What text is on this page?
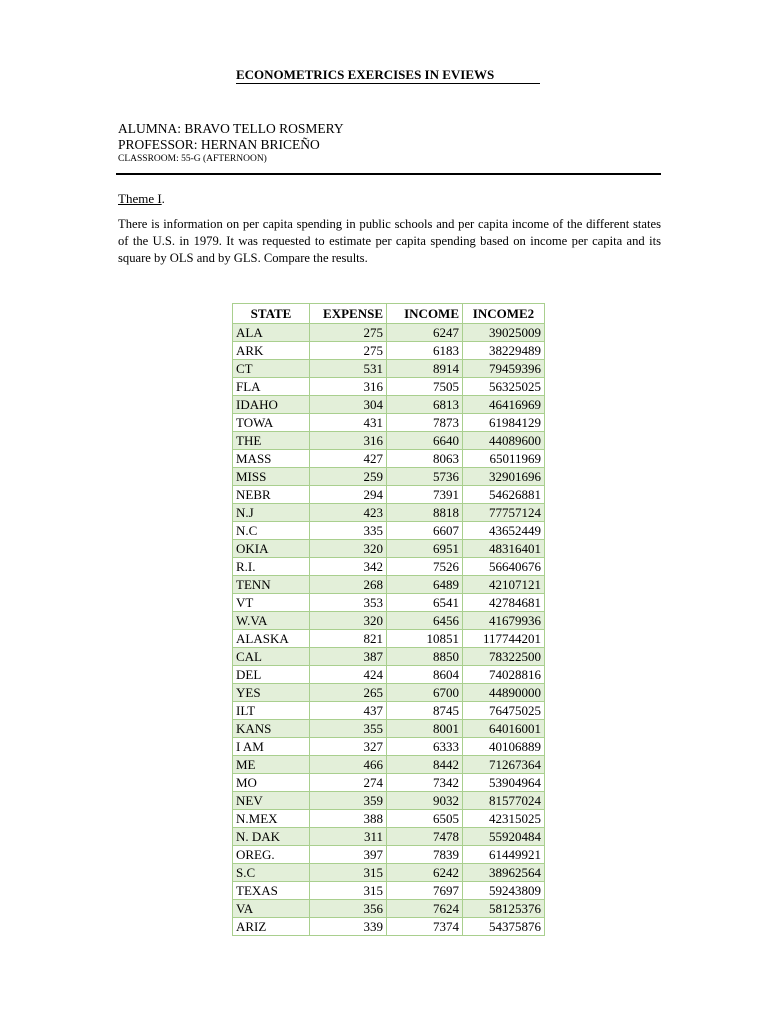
ECONOMETRICS EXERCISES IN EVIEWS
ALUMNA: BRAVO TELLO ROSMERY
PROFESSOR: HERNAN BRICEÑO
CLASSROOM: 55-G (AFTERNOON)
Theme I.
There is information on per capita spending in public schools and per capita income of the different states of the U.S. in 1979. It was requested to estimate per capita spending based on income per capita and its square by OLS and by GLS. Compare the results.
STATE	EXPENSE	INCOME	INCOME2
ALA	275	6247	39025009
ARK	275	6183	38229489
CT	531	8914	79459396
FLA	316	7505	56325025
IDAHO	304	6813	46416969
TOWA	431	7873	61984129
THE	316	6640	44089600
MASS	427	8063	65011969
MISS	259	5736	32901696
NEBR	294	7391	54626881
N.J	423	8818	77757124
N.C	335	6607	43652449
OKIA	320	6951	48316401
R.I.	342	7526	56640676
TENN	268	6489	42107121
VT	353	6541	42784681
W.VA	320	6456	41679936
ALASKA	821	10851	117744201
CAL	387	8850	78322500
DEL	424	8604	74028816
YES	265	6700	44890000
ILT	437	8745	76475025
KANS	355	8001	64016001
I AM	327	6333	40106889
ME	466	8442	71267364
MO	274	7342	53904964
NEV	359	9032	81577024
N.MEX	388	6505	42315025
N. DAK	311	7478	55920484
OREG.	397	7839	61449921
S.C	315	6242	38962564
TEXAS	315	7697	59243809
VA	356	7624	58125376
ARIZ	339	7374	54375876
